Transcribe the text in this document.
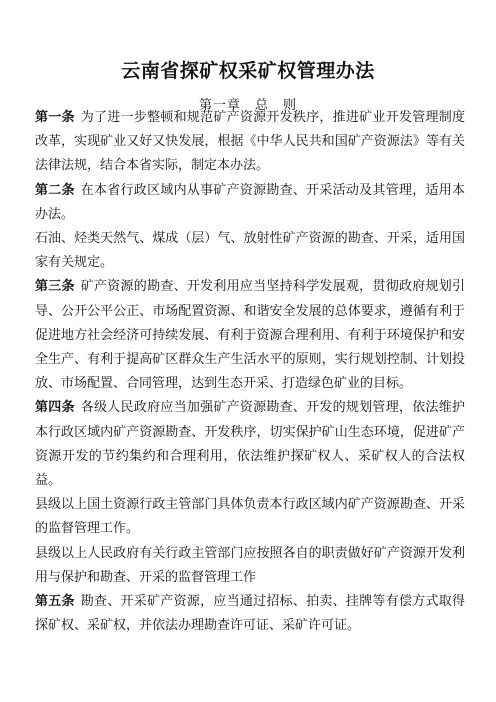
云南省探矿权采矿权管理办法
第一章 总　则

第一条 为了进一步整顿和规范矿产资源开发秩序，推进矿业开发管理制度改革，实现矿业又好又快发展，根据《中华人民共和国矿产资源法》等有关法律法规，结合本省实际，制定本办法。

第二条 在本省行政区域内从事矿产资源勘查、开采活动及其管理，适用本办法。

石油、烃类天然气、煤成（层）气、放射性矿产资源的勘查、开采，适用国家有关规定。

第三条 矿产资源的勘查、开发利用应当坚持科学发展观，贯彻政府规划引导、公开公平公正、市场配置资源、和谐安全发展的总体要求，遵循有利于促进地方社会经济可持续发展、有利于资源合理利用、有利于环境保护和安全生产、有利于提高矿区群众生产生活水平的原则，实行规划控制、计划投放、市场配置、合同管理，达到生态开采、打造绿色矿业的目标。

第四条 各级人民政府应当加强矿产资源勘查、开发的规划管理，依法维护本行政区域内矿产资源勘查、开发秩序，切实保护矿山生态环境，促进矿产资源开发的节约集约和合理利用，依法维护探矿权人、采矿权人的合法权益。

县级以上国土资源行政主管部门具体负责本行政区域内矿产资源勘查、开采的监督管理工作。

县级以上人民政府有关行政主管部门应按照各自的职责做好矿产资源开发利用与保护和勘查、开采的监督管理工作

第五条 勘查、开采矿产资源，应当通过招标、拍卖、挂牌等有偿方式取得探矿权、采矿权，并依法办理勘查许可证、采矿许可证。
